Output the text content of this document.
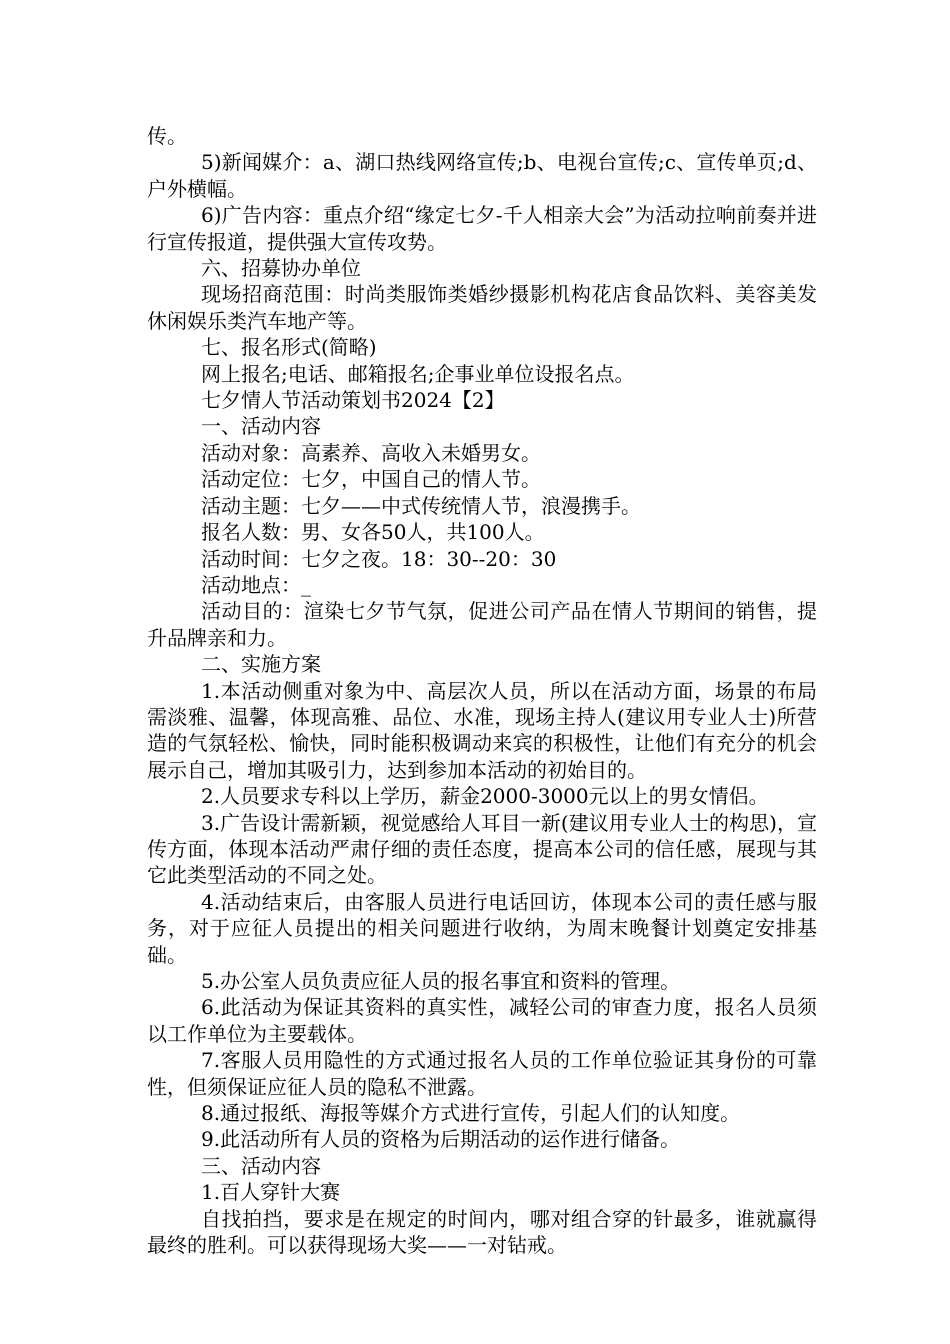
传。

5)新闻媒介：a、湖口热线网络宣传;b、电视台宣传;c、宣传单页;d、户外横幅。

6)广告内容：重点介绍“缘定七夕-千人相亲大会”为活动拉响前奏并进行宣传报道，提供强大宣传攻势。

六、招募协办单位

现场招商范围：时尚类服饰类婚纱摄影机构花店食品饮料、美容美发休闲娱乐类汽车地产等。

七、报名形式(简略)

网上报名;电话、邮箱报名;企事业单位设报名点。

七夕情人节活动策划书2024【2】

一、活动内容

活动对象：高素养、高收入未婚男女。

活动定位：七夕，中国自己的情人节。

活动主题：七夕——中式传统情人节，浪漫携手。

报名人数：男、女各50人，共100人。

活动时间：七夕之夜。18：30--20：30

活动地点：_

活动目的：渲染七夕节气氛，促进公司产品在情人节期间的销售，提升品牌亲和力。

二、实施方案

1.本活动侧重对象为中、高层次人员，所以在活动方面，场景的布局需淡雅、温馨，体现高雅、品位、水准，现场主持人(建议用专业人士)所营造的气氛轻松、愉快，同时能积极调动来宾的积极性，让他们有充分的机会展示自己，增加其吸引力，达到参加本活动的初始目的。

2.人员要求专科以上学历，薪金2000-3000元以上的男女情侣。

3.广告设计需新颖，视觉感给人耳目一新(建议用专业人士的构思)，宣传方面，体现本活动严肃仔细的责任态度，提高本公司的信任感，展现与其它此类型活动的不同之处。

4.活动结束后，由客服人员进行电话回访，体现本公司的责任感与服务，对于应征人员提出的相关问题进行收纳，为周末晚餐计划奠定安排基础。

5.办公室人员负责应征人员的报名事宜和资料的管理。

6.此活动为保证其资料的真实性，减轻公司的审查力度，报名人员须以工作单位为主要载体。

7.客服人员用隐性的方式通过报名人员的工作单位验证其身份的可靠性，但须保证应征人员的隐私不泄露。

8.通过报纸、海报等媒介方式进行宣传，引起人们的认知度。

9.此活动所有人员的资格为后期活动的运作进行储备。

三、活动内容

1.百人穿针大赛

自找拍挡，要求是在规定的时间内，哪对组合穿的针最多，谁就赢得最终的胜利。可以获得现场大奖——一对钻戒。
